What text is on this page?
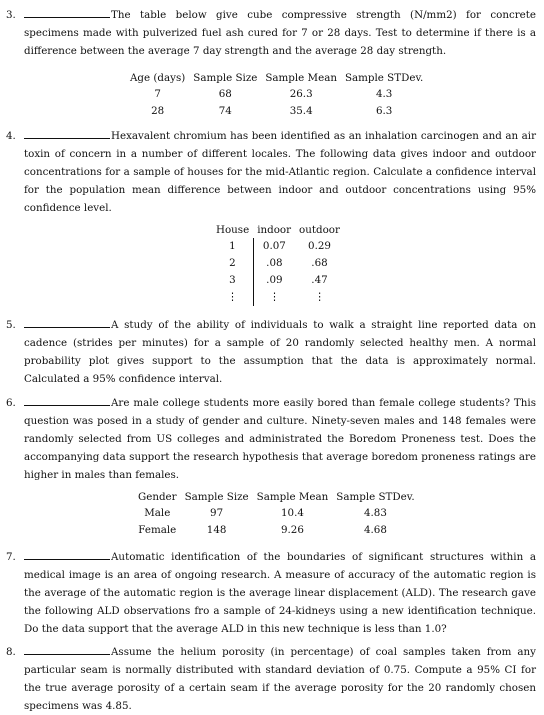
3.	The table below give cube compressive strength (N/mm2) for concrete specimens made with pulverized fuel ash cured for 7 or 28 days. Test to determine if there is a difference between the average 7 day strength and the average 28 day strength.
Age (days)	Sample Size	Sample Mean	Sample STDev.
7	68	26.3	4.3
28	74	35.4	6.3
4.	Hexavalent chromium has been identified as an inhalation carcinogen and an air toxin of concern in a number of different locales. The following data gives indoor and outdoor concentrations for a sample of houses for the mid-Atlantic region. Calculate a confidence interval for the population mean difference between indoor and outdoor concentrations using 95% confidence level.
House	indoor	outdoor
1	0.07	0.29
2	.08	.68
3	.09	.47
⋮	⋮	⋮
5.	A study of the ability of individuals to walk a straight line reported data on cadence (strides per minutes) for a sample of 20 randomly selected healthy men. A normal probability plot gives support to the assumption that the data is approximately normal. Calculated a 95% confidence interval.
6.	Are male college students more easily bored than female college students? This question was posed in a study of gender and culture. Ninety-seven males and 148 females were randomly selected from US colleges and administrated the Boredom Proneness test. Does the accompanying data support the research hypothesis that average boredom proneness ratings are higher in males than females.
Gender	Sample Size	Sample Mean	Sample STDev.
Male	97	10.4	4.83
Female	148	9.26	4.68
7.	Automatic identification of the boundaries of significant structures within a medical image is an area of ongoing research. A measure of accuracy of the automatic region is the average of the automatic region is the average linear displacement (ALD). The research gave the following ALD observations fro a sample of 24-kidneys using a new identification technique. Do the data support that the average ALD in this new technique is less than 1.0?
8.	Assume the helium porosity (in percentage) of coal samples taken from any particular seam is normally distributed with standard deviation of 0.75. Compute a 95% CI for the true average porosity of a certain seam if the average porosity for the 20 randomly chosen specimens was 4.85.
